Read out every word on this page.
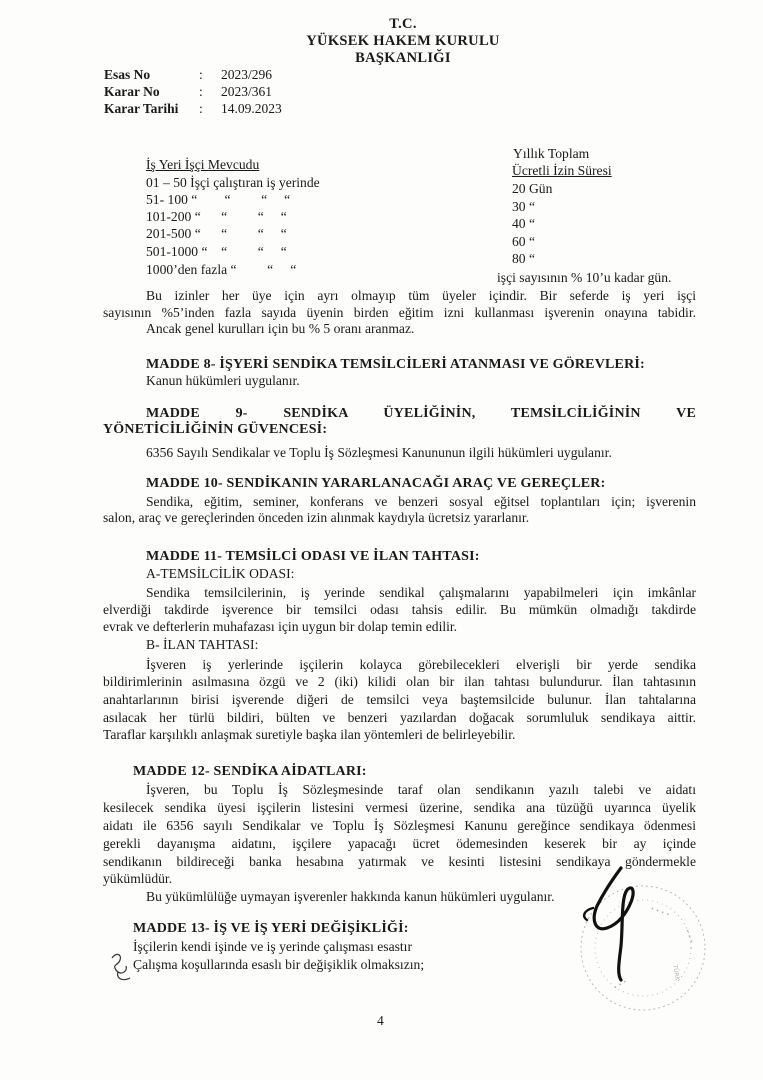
T.C.
YÜKSEK HAKEM KURULU
BAŞKANLIĞI
Esas No	: 2023/296
Karar No	: 2023/361
Karar Tarihi : 14.09.2023
İş Yeri İşçi Mevcudu
Yıllık Toplam
Ücretli İzin Süresi
01 – 50 İşçi çalıştıran iş yerinde
51- 100 “        “         “     “
101-200 “      “         “     “
201-500 “      “         “     “
501-1000 “    “         “     “
1000’den fazla “         “     “
20 Gün
30 “
40 “
60 “
80 “
işçi sayısının % 10’u kadar gün.
Bu izinler her üye için ayrı olmayıp tüm üyeler içindir. Bir seferde iş yeri işçi
sayısının %5’inden fazla sayıda üyenin birden eğitim izni kullanması işverenin onayına tabidir.
Ancak genel kurulları için bu % 5 oranı aranmaz.
MADDE 8- İŞYERİ SENDİKA TEMSİLCİLERİ ATANMASI VE GÖREVLERİ:
Kanun hükümleri uygulanır.
MADDE 9- SENDİKA ÜYELİĞİNİN, TEMSİLCİLİĞİNİN VE
YÖNETİCİLİĞİNİN GÜVENCESİ:
6356 Sayılı Sendikalar ve Toplu İş Sözleşmesi Kanununun ilgili hükümleri uygulanır.
MADDE 10- SENDİKANIN YARARLANACAĞI ARAÇ VE GEREÇLER:
Sendika, eğitim, seminer, konferans ve benzeri sosyal eğitsel toplantıları için; işverenin
salon, araç ve gereçlerinden önceden izin alınmak kaydıyla ücretsiz yararlanır.
MADDE 11- TEMSİLCİ ODASI VE İLAN TAHTASI:
A-TEMSİLCİLİK ODASI:
Sendika temsilcilerinin, iş yerinde sendikal çalışmalarını yapabilmeleri için imkânlar
elverdiği takdirde işverence bir temsilci odası tahsis edilir. Bu mümkün olmadığı takdirde
evrak ve defterlerin muhafazası için uygun bir dolap temin edilir.
B- İLAN TAHTASI:
İşveren iş yerlerinde işçilerin kolayca görebilecekleri elverişli bir yerde sendika
bildirimlerinin asılmasına özgü ve 2 (iki) kilidi olan bir ilan tahtası bulundurur. İlan tahtasının
anahtarlarının birisi işverende diğeri de temsilci veya baştemsilcide bulunur. İlan tahtalarına
asılacak her türlü bildiri, bülten ve benzeri yazılardan doğacak sorumluluk sendikaya aittir.
Taraflar karşılıklı anlaşmak suretiyle başka ilan yöntemleri de belirleyebilir.
MADDE 12- SENDİKA AİDATLARI:
İşveren, bu Toplu İş Sözleşmesinde taraf olan sendikanın yazılı talebi ve aidatı
kesilecek sendika üyesi işçilerin listesini vermesi üzerine, sendika ana tüzüğü uyarınca üyelik
aidatı ile 6356 sayılı Sendikalar ve Toplu İş Sözleşmesi Kanunu gereğince sendikaya ödenmesi
gerekli dayanışma aidatını, işçilere yapacağı ücret ödemesinden keserek bir ay içinde
sendikanın bildireceği banka hesabına yatırmak ve kesinti listesini sendikaya göndermekle
yükümlüdür.
Bu yükümlülüğe uymayan işverenler hakkında kanun hükümleri uygulanır.
MADDE 13- İŞ VE İŞ YERİ DEĞİŞİKLİĞİ:
İşçilerin kendi işinde ve iş yerinde çalışması esastır
Çalışma koşullarında esaslı bir değişiklik olmaksızın;
4
• • • •
• • •
TÜRK
• • •
